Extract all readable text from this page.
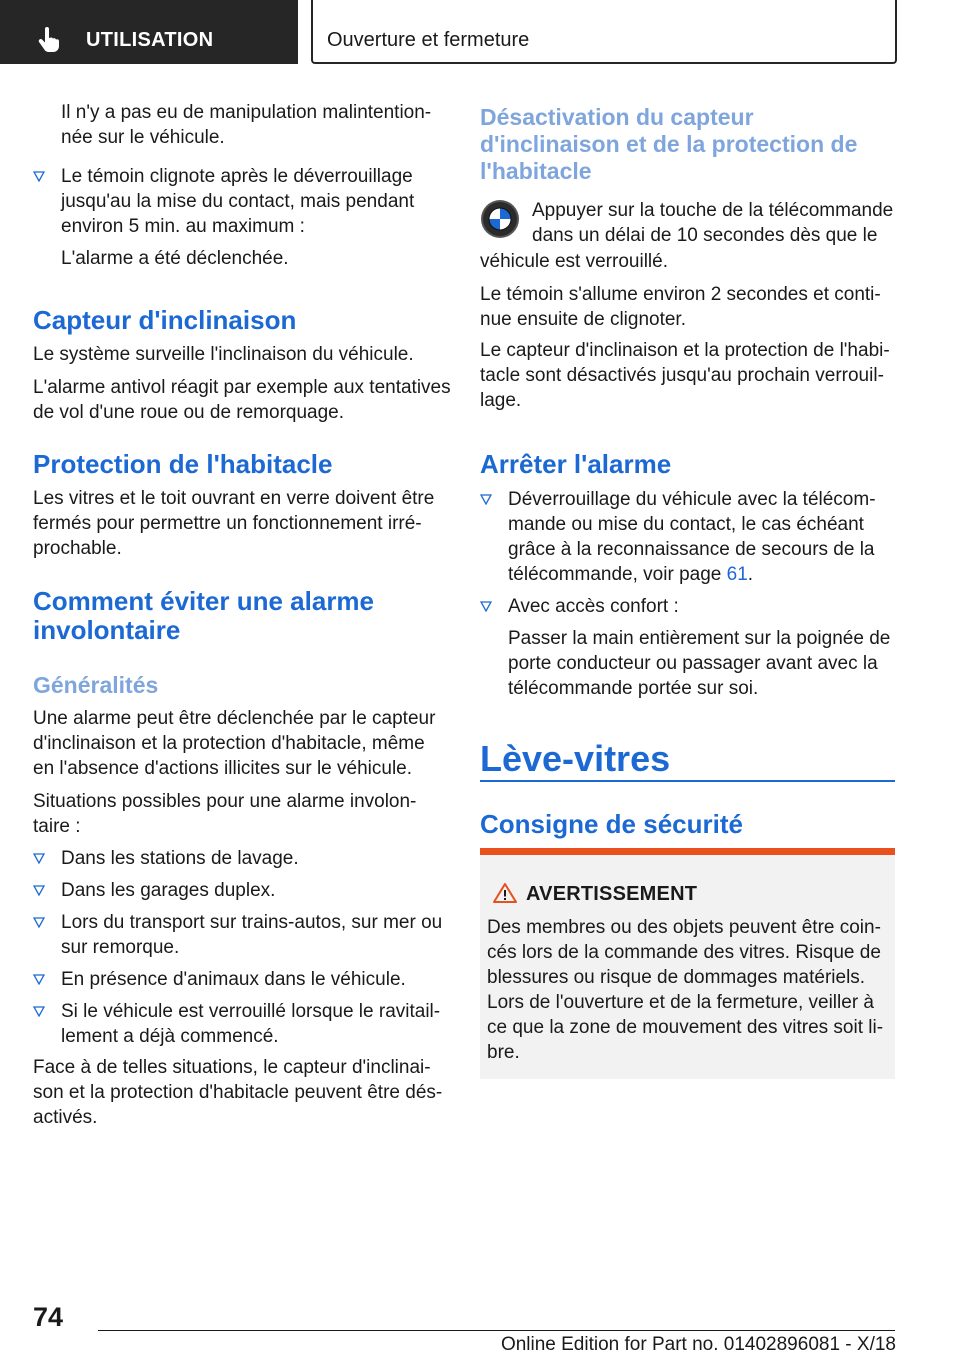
UTILISATION	Ouverture et fermeture

Il n'y a pas eu de manipulation malintention-

née sur le véhicule.

Le témoin clignote après le déverrouillage

jusqu'au la mise du contact, mais pendant

environ 5 min. au maximum :

L'alarme a été déclenchée.

Capteur d'inclinaison

Le système surveille l'inclinaison du véhicule.

L'alarme antivol réagit par exemple aux tentatives

de vol d'une roue ou de remorquage.

Protection de l'habitacle

Les vitres et le toit ouvrant en verre doivent être

fermés pour permettre un fonctionnement irré-

prochable.

Comment éviter une alarme
involontaire
Généralités

Une alarme peut être déclenchée par le capteur

d'inclinaison et la protection d'habitacle, même

en l'absence d'actions illicites sur le véhicule.

Situations possibles pour une alarme involon-

taire :

Dans les stations de lavage.

Dans les garages duplex.

Lors du transport sur trains-autos, sur mer ou

sur remorque.

En présence d'animaux dans le véhicule.

Si le véhicule est verrouillé lorsque le ravitail-

lement a déjà commencé.

Face à de telles situations, le capteur d'inclinai-

son et la protection d'habitacle peuvent être dés-

activés.

Désactivation du capteur
d'inclinaison et de la protection de
l'habitacle

Appuyer sur la touche de la télécommande

dans un délai de 10 secondes dès que le

véhicule est verrouillé.

Le témoin s'allume environ 2 secondes et conti-

nue ensuite de clignoter.

Le capteur d'inclinaison et la protection de l'habi-

tacle sont désactivés jusqu'au prochain verrouil-

lage.

Arrêter l'alarme

Déverrouillage du véhicule avec la télécom-

mande ou mise du contact, le cas échéant

grâce à la reconnaissance de secours de la

télécommande, voir page 61.

Avec accès confort :

Passer la main entièrement sur la poignée de

porte conducteur ou passager avant avec la

télécommande portée sur soi.

Lève-vitres
Consigne de sécurité
AVERTISSEMENT

Des membres ou des objets peuvent être coin-

cés lors de la commande des vitres. Risque de

blessures ou risque de dommages matériels.

Lors de l'ouverture et de la fermeture, veiller à

ce que la zone de mouvement des vitres soit li-

bre.

74
Online Edition for Part no. 01402896081 - X/18
